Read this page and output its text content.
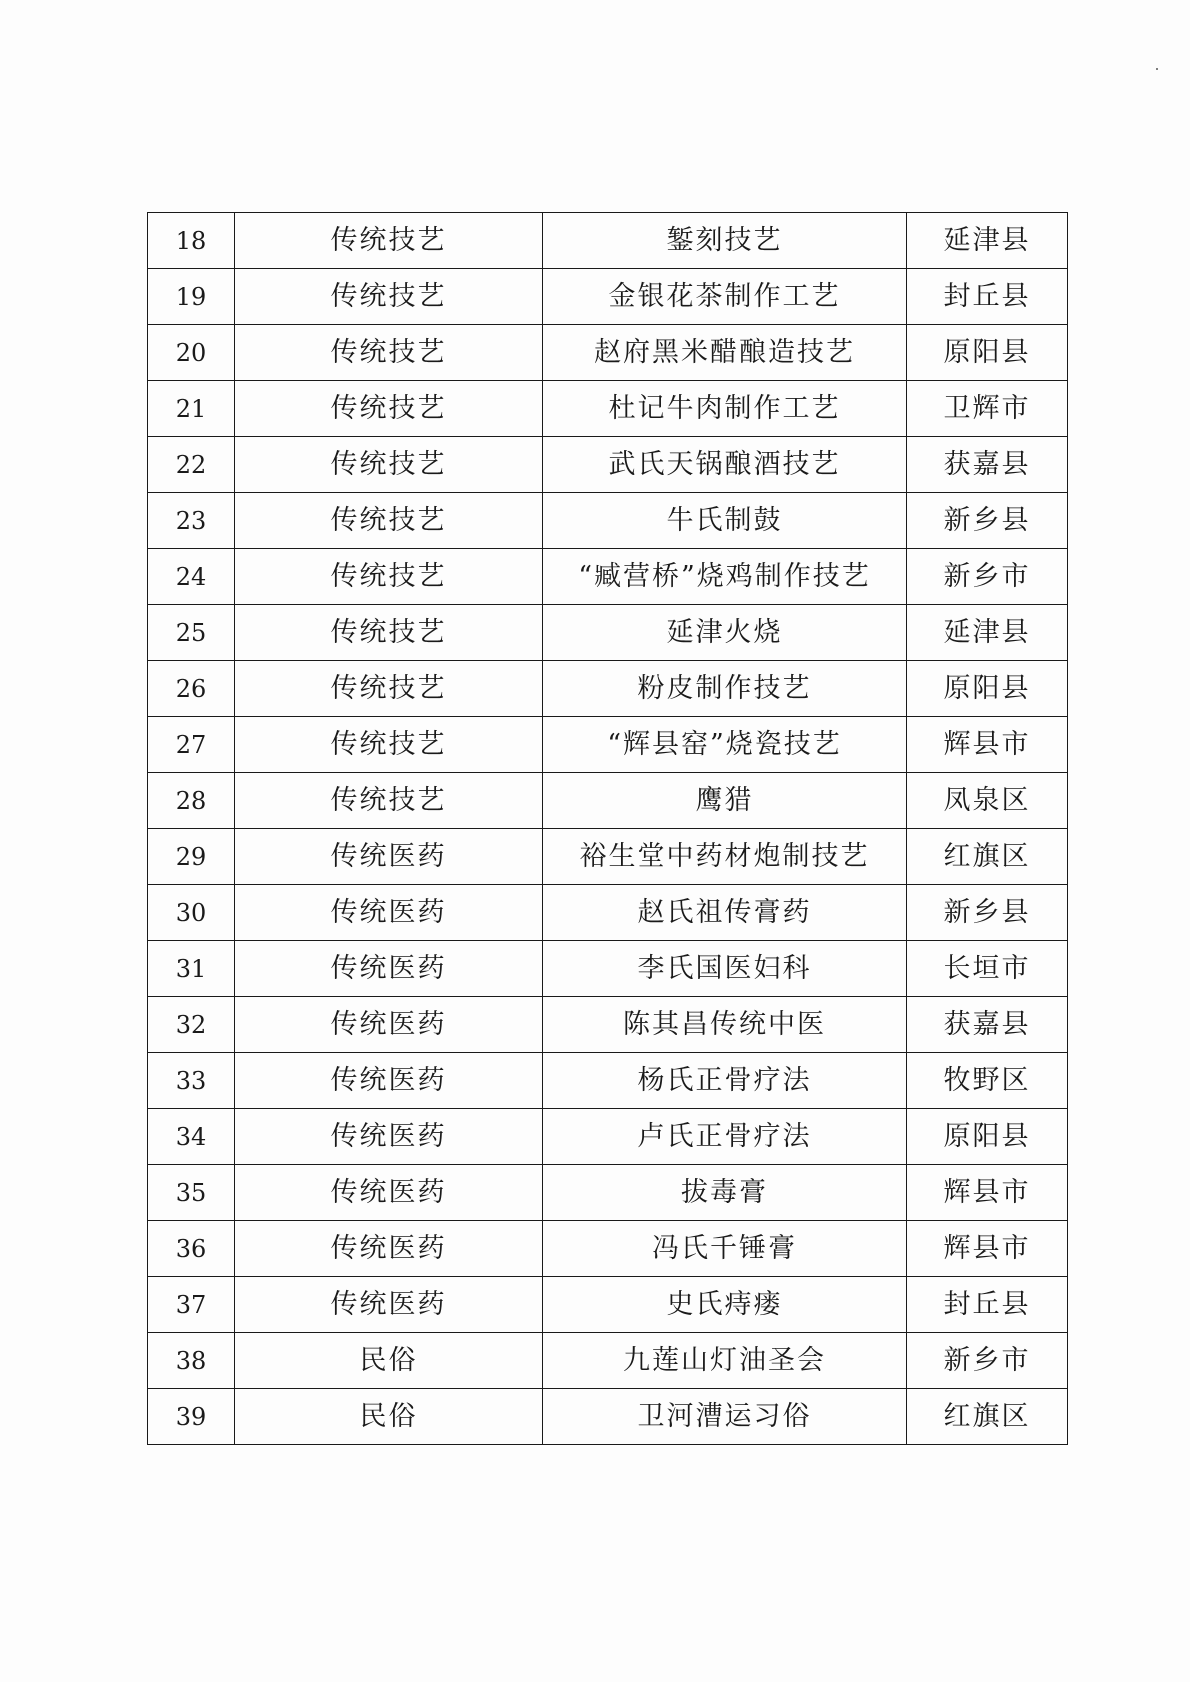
18	传统技艺	錾刻技艺	延津县
19	传统技艺	金银花茶制作工艺	封丘县
20	传统技艺	赵府黑米醋酿造技艺	原阳县
21	传统技艺	杜记牛肉制作工艺	卫辉市
22	传统技艺	武氏天锅酿酒技艺	获嘉县
23	传统技艺	牛氏制鼓	新乡县
24	传统技艺	“臧营桥”烧鸡制作技艺	新乡市
25	传统技艺	延津火烧	延津县
26	传统技艺	粉皮制作技艺	原阳县
27	传统技艺	“辉县窑”烧瓷技艺	辉县市
28	传统技艺	鹰猎	凤泉区
29	传统医药	裕生堂中药材炮制技艺	红旗区
30	传统医药	赵氏祖传膏药	新乡县
31	传统医药	李氏国医妇科	长垣市
32	传统医药	陈其昌传统中医	获嘉县
33	传统医药	杨氏正骨疗法	牧野区
34	传统医药	卢氏正骨疗法	原阳县
35	传统医药	拔毒膏	辉县市
36	传统医药	冯氏千锤膏	辉县市
37	传统医药	史氏痔瘘	封丘县
38	民俗	九莲山灯油圣会	新乡市
39	民俗	卫河漕运习俗	红旗区
